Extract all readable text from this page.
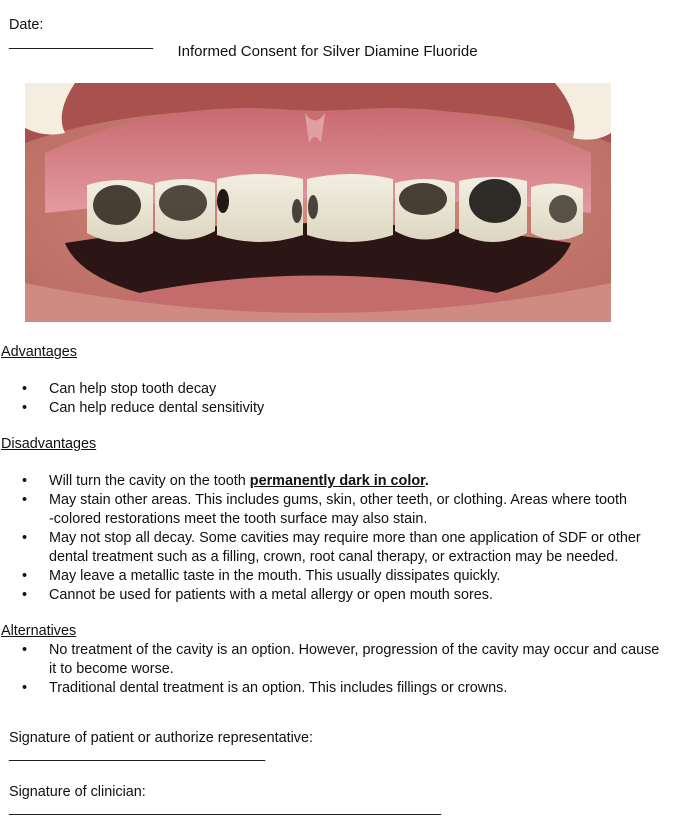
Date:
__________________

Informed Consent for Silver Diamine Fluoride
Advantages
• Can help stop tooth decay
• Can help reduce dental sensitivity
Disadvantages
• Will turn the cavity on the tooth permanently dark in color.
• May stain other areas. This includes gums, skin, other teeth, or clothing. Areas where tooth
-colored restorations meet the tooth surface may also stain.
• May not stop all decay. Some cavities may require more than one application of SDF or other
dental treatment such as a filling, crown, root canal therapy, or extraction may be needed.
• May leave a metallic taste in the mouth. This usually dissipates quickly.
• Cannot be used for patients with a metal allergy or open mouth sores.
Alternatives
• No treatment of the cavity is an option. However, progression of the cavity may occur and cause
it to become worse.
• Traditional dental treatment is an option. This includes fillings or crowns.

Signature of patient or authorize representative:
________________________________

Signature of clinician:
______________________________________________________
